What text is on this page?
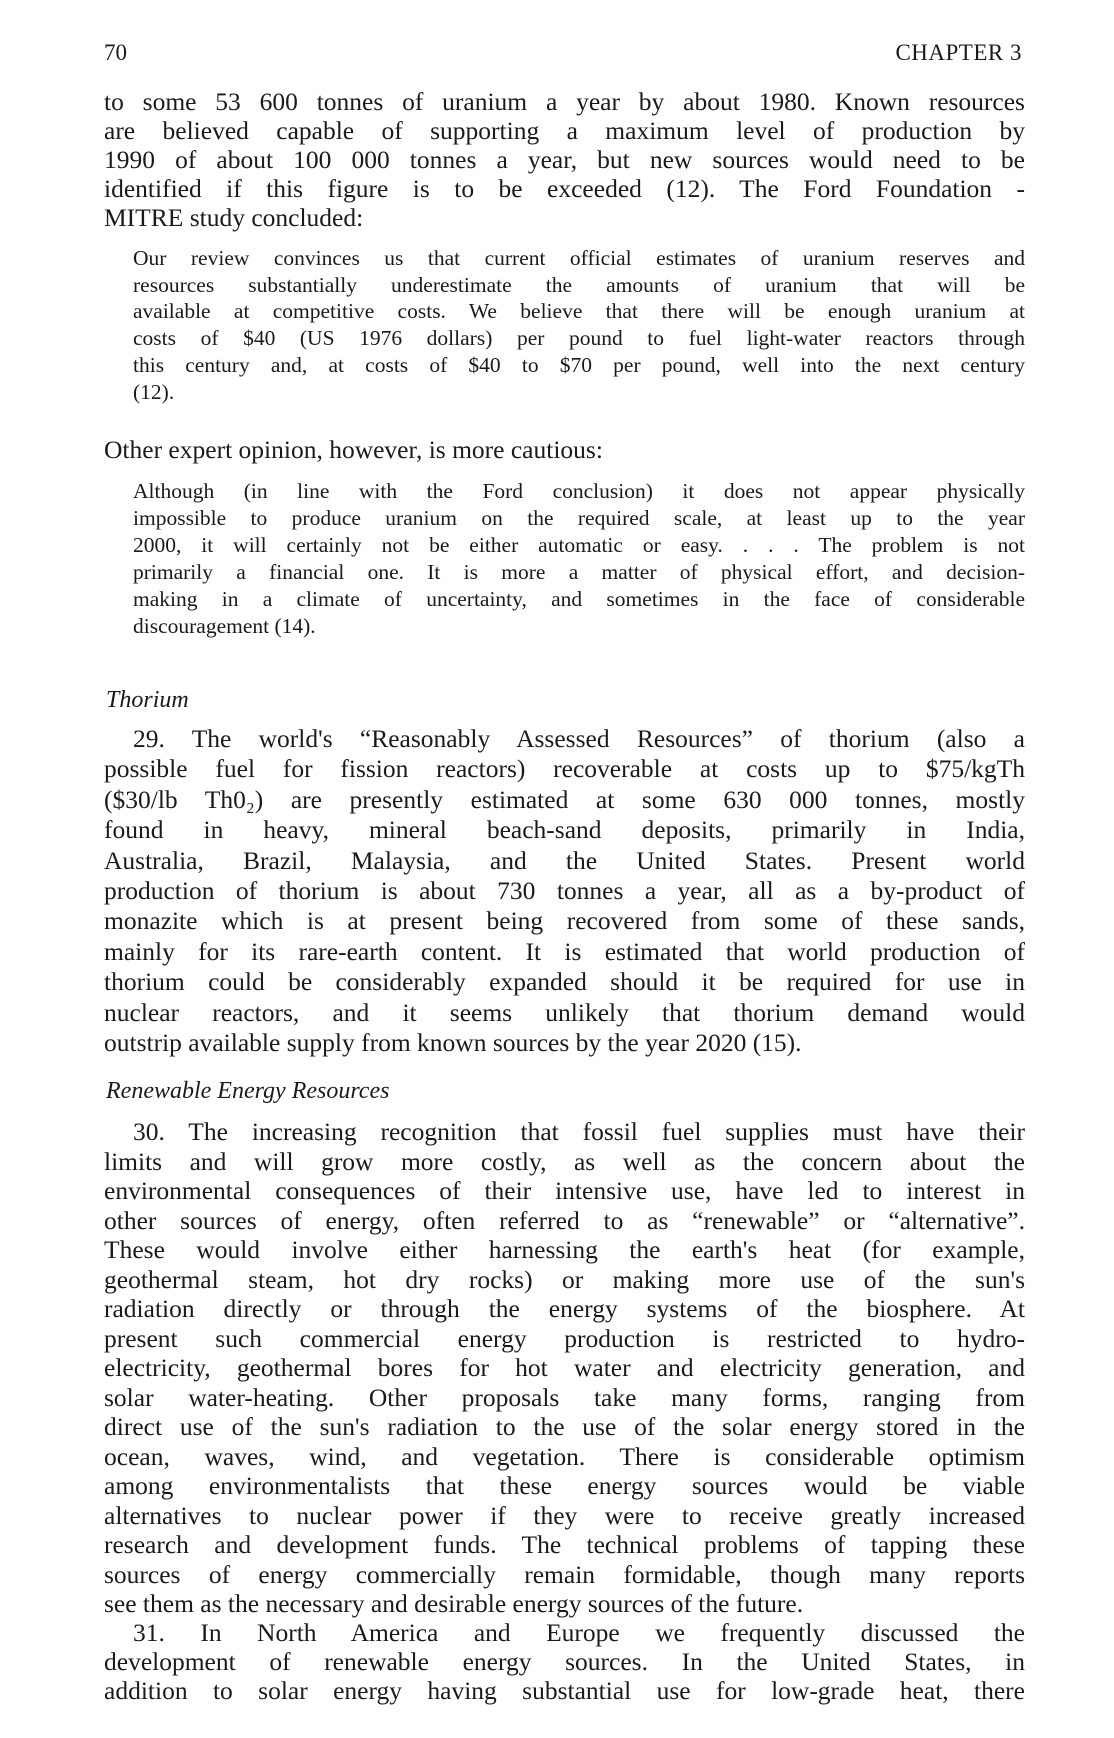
70	CHAPTER 3
Thorium
Renewable Energy Resources
to some 53 600 tonnes of uranium a year by about 1980. Known resources
are believed capable of supporting a maximum level of production by
1990 of about 100 000 tonnes a year, but new sources would need to be
identified if this figure is to be exceeded (12). The Ford Foundation -
MITRE study concluded:
Our review convinces us that current official estimates of uranium reserves and
resources substantially underestimate the amounts of uranium that will be
available at competitive costs. We believe that there will be enough uranium at
costs of $40 (US 1976 dollars) per pound to fuel light-water reactors through
this century and, at costs of $40 to $70 per pound, well into the next century
(12).
Other expert opinion, however, is more cautious:
Although (in line with the Ford conclusion) it does not appear physically
impossible to produce uranium on the required scale, at least up to the year
2000, it will certainly not be either automatic or easy. . . . The problem is not
primarily a financial one. It is more a matter of physical effort, and decision-
making in a climate of uncertainty, and sometimes in the face of considerable
discouragement (14).
29. The world's “Reasonably Assessed Resources” of thorium (also a
possible fuel for fission reactors) recoverable at costs up to $75/kgTh
($30/lb Th0₂) are presently estimated at some 630 000 tonnes, mostly
found in heavy, mineral beach-sand deposits, primarily in India,
Australia, Brazil, Malaysia, and the United States. Present world
production of thorium is about 730 tonnes a year, all as a by-product of
monazite which is at present being recovered from some of these sands,
mainly for its rare-earth content. It is estimated that world production of
thorium could be considerably expanded should it be required for use in
nuclear reactors, and it seems unlikely that thorium demand would
outstrip available supply from known sources by the year 2020 (15).
30. The increasing recognition that fossil fuel supplies must have their
limits and will grow more costly, as well as the concern about the
environmental consequences of their intensive use, have led to interest in
other sources of energy, often referred to as “renewable” or “alternative”.
These would involve either harnessing the earth's heat (for example,
geothermal steam, hot dry rocks) or making more use of the sun's
radiation directly or through the energy systems of the biosphere. At
present such commercial energy production is restricted to hydro-
electricity, geothermal bores for hot water and electricity generation, and
solar water-heating. Other proposals take many forms, ranging from
direct use of the sun's radiation to the use of the solar energy stored in the
ocean, waves, wind, and vegetation. There is considerable optimism
among environmentalists that these energy sources would be viable
alternatives to nuclear power if they were to receive greatly increased
research and development funds. The technical problems of tapping these
sources of energy commercially remain formidable, though many reports
see them as the necessary and desirable energy sources of the future.
31. In North America and Europe we frequently discussed the
development of renewable energy sources. In the United States, in
addition to solar energy having substantial use for low-grade heat, there
